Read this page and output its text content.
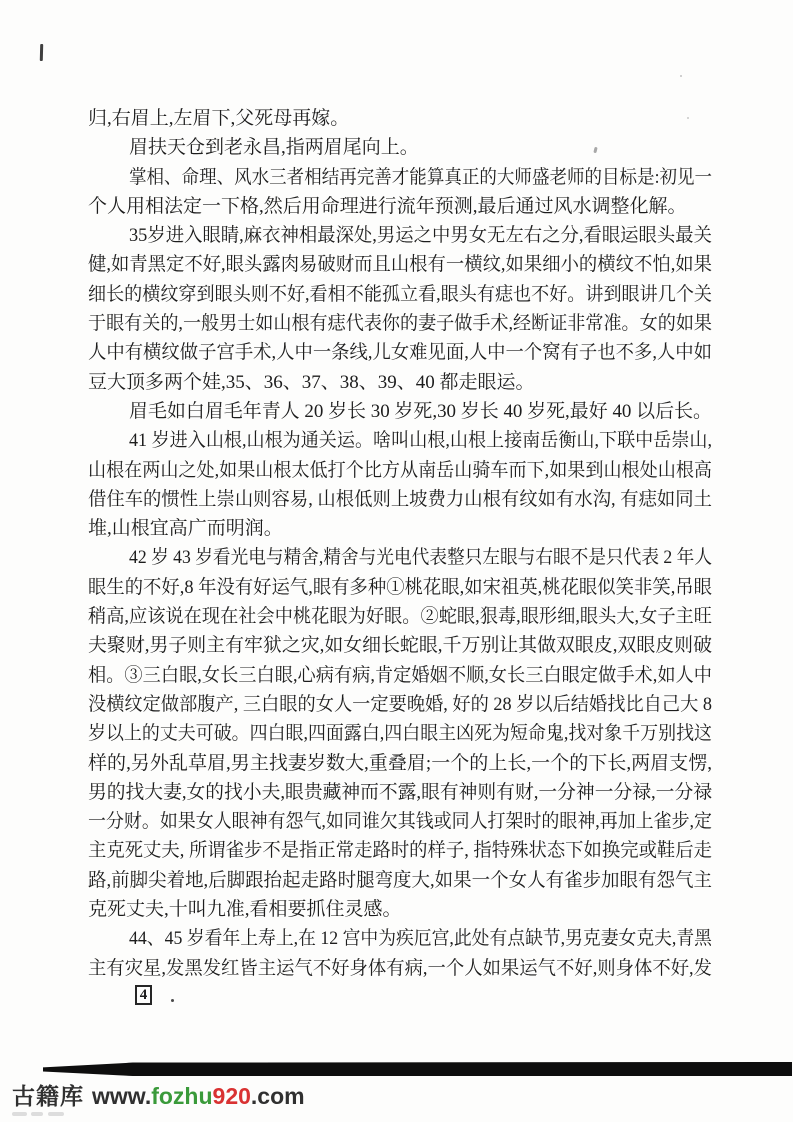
归,右眉上,左眉下,父死母再嫁。
眉扶天仓到老永昌,指两眉尾向上。
掌相、命理、风水三者相结再完善才能算真正的大师盛老师的目标是:初见一
个人用相法定一下格,然后用命理进行流年预测,最后通过风水调整化解。
35岁进入眼睛,麻衣神相最深处,男运之中男女无左右之分,看眼运眼头最关
健,如青黑定不好,眼头露肉易破财而且山根有一横纹,如果细小的横纹不怕,如果
细长的横纹穿到眼头则不好,看相不能孤立看,眼头有痣也不好。讲到眼讲几个关
于眼有关的,一般男士如山根有痣代表你的妻子做手术,经断证非常准。女的如果
人中有横纹做子宫手术,人中一条线,儿女难见面,人中一个窝有子也不多,人中如
豆大顶多两个娃,35、36、37、38、39、40 都走眼运。
眉毛如白眉毛年青人 20 岁长 30 岁死,30 岁长 40 岁死,最好 40 以后长。
41 岁进入山根,山根为通关运。啥叫山根,山根上接南岳衡山,下联中岳崇山,
山根在两山之处,如果山根太低打个比方从南岳山骑车而下,如果到山根处山根高
借住车的惯性上崇山则容易, 山根低则上坡费力山根有纹如有水沟, 有痣如同土
堆,山根宜高广而明润。
42 岁 43 岁看光电与精舍,精舍与光电代表整只左眼与右眼不是只代表 2 年人
眼生的不好,8 年没有好运气,眼有多种①桃花眼,如宋祖英,桃花眼似笑非笑,吊眼
稍高,应该说在现在社会中桃花眼为好眼。②蛇眼,狠毒,眼形细,眼头大,女子主旺
夫聚财,男子则主有牢狱之灾,如女细长蛇眼,千万别让其做双眼皮,双眼皮则破
相。③三白眼,女长三白眼,心病有病,肯定婚姻不顺,女长三白眼定做手术,如人中
没横纹定做部腹产, 三白眼的女人一定要晚婚, 好的 28 岁以后结婚找比自己大 8
岁以上的丈夫可破。四白眼,四面露白,四白眼主凶死为短命鬼,找对象千万别找这
样的,另外乱草眉,男主找妻岁数大,重叠眉;一个的上长,一个的下长,两眉支愣,
男的找大妻,女的找小夫,眼贵藏神而不露,眼有神则有财,一分神一分禄,一分禄
一分财。如果女人眼神有怨气,如同谁欠其钱或同人打架时的眼神,再加上雀步,定
主克死丈夫, 所谓雀步不是指正常走路时的样子, 指特殊状态下如换完或鞋后走
路,前脚尖着地,后脚跟抬起走路时腿弯度大,如果一个女人有雀步加眼有怨气主
克死丈夫,十叫九准,看相要抓住灵感。
44、45 岁看年上寿上,在 12 宫中为疾厄宫,此处有点缺节,男克妻女克夫,青黑
主有灾星,发黑发红皆主运气不好身体有病,一个人如果运气不好,则身体不好,发
4
古籍库 www.fozhu920.com
